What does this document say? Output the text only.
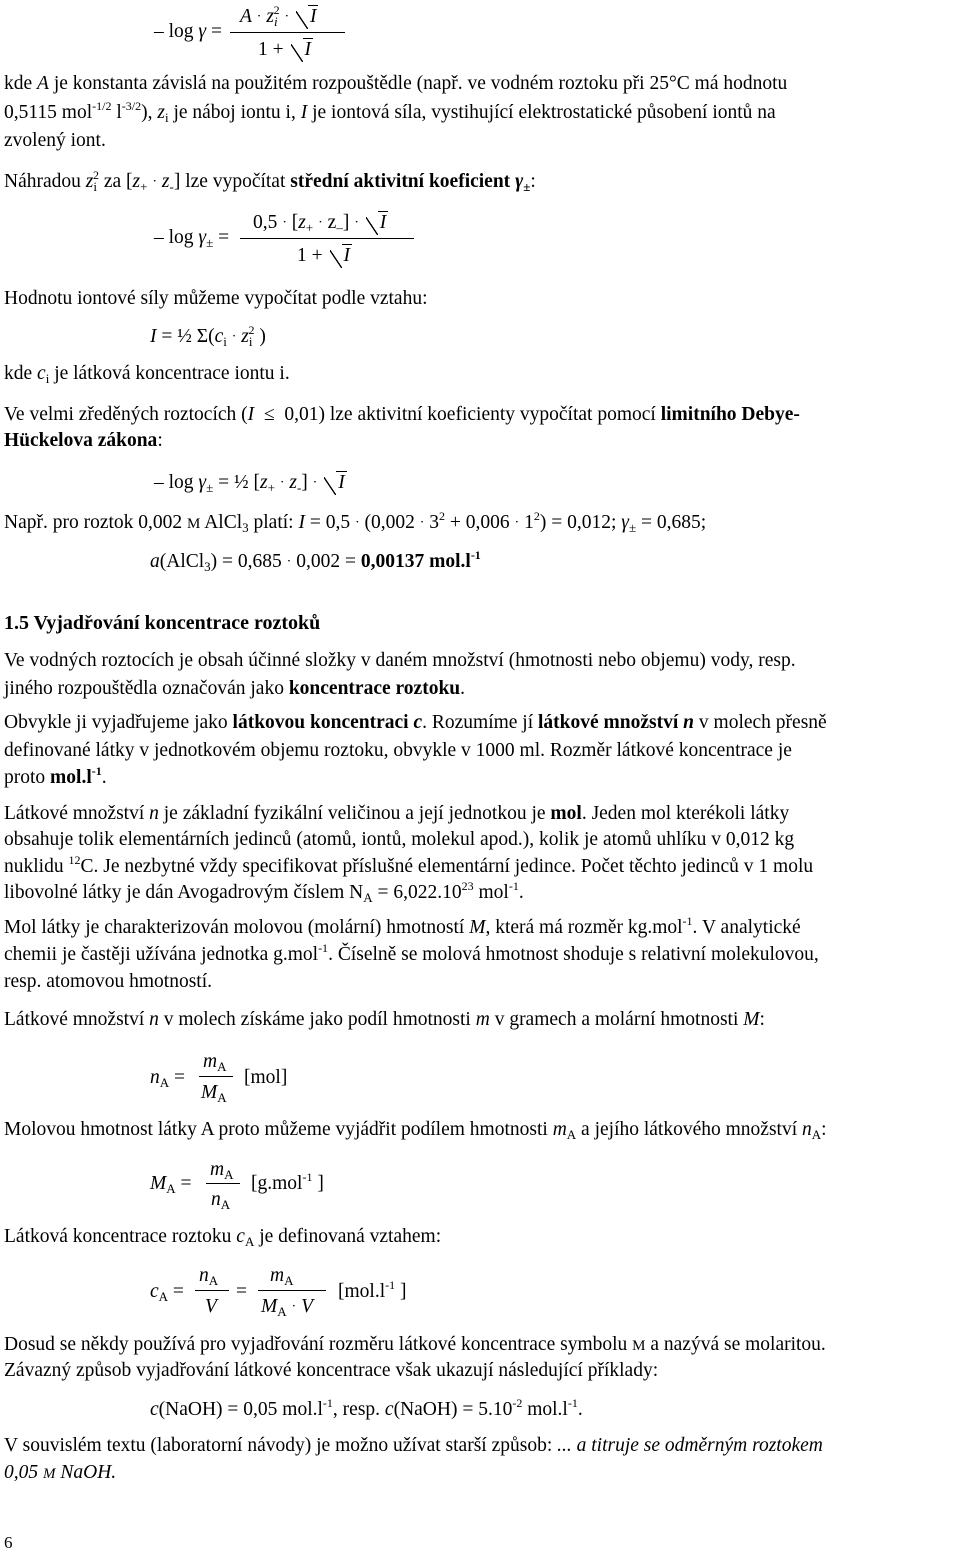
– log γ =
$A \cdot z_i^2 \cdot I$
1 + I
kde A je konstanta závislá na použitém rozpouštědle (např. ve vodném roztoku při 25°C má hodnotu
0,5115 mol$^{-1/2}$ $l^{-3/2}$), $z_i$ je náboj iontu i, I je iontová síla, vystihující elektrostatické působení iontů na
zvolený iont.
Náhradou $z_i^2$ za $[z_+ \cdot z_-]$ lze vypočítat střední aktivitní koeficient $\gamma_\pm$:
– $\log \gamma_\pm$ =
$0,5 \cdot [z_+ \cdot z_-] \cdot I$
1 + I
Hodnotu iontové síly můžeme vypočítat podle vztahu:
I = ½ $\Sigma(c_i \cdot z_i^2$ )
kde $c_i$ je látková koncentrace iontu i.
Ve velmi zředěných roztocích (I  ≤  0,01) lze aktivitní koeficienty vypočítat pomocí limitního Debye-
Hückelova zákona:
– $\log \gamma_\pm$ = ½ $[z_+ \cdot z_-] \cdot I$
Např. pro roztok 0,002 M AlCl$_3$ platí: $I = 0,5 \cdot (0,002 \cdot 3^2 + 0,006 \cdot 1^2) = 0,012$; $\gamma_\pm = 0,685$;
a(AlCl$_3$) = 0,685 · 0,002 = 0,00137 $mol.l^{-1}$
1.5 Vyjadřování koncentrace roztoků
Ve vodných roztocích je obsah účinné složky v daném množství (hmotnosti nebo objemu) vody, resp.
jiného rozpouštědla označován jako koncentrace roztoku.
Obvykle ji vyjadřujeme jako látkovou koncentraci c. Rozumíme jí látkové množství n v molech přesně
definované látky v jednotkovém objemu roztoku, obvykle v 1000 ml. Rozměr látkové koncentrace je
proto $mol.l^{-1}$.
Látkové množství n je základní fyzikální veličinou a její jednotkou je mol. Jeden mol kterékoli látky
obsahuje tolik elementárních jedinců (atomů, iontů, molekul apod.), kolik je atomů uhlíku v 0,012 kg
nuklidu $^{12}$C. Je nezbytné vždy specifikovat příslušné elementární jedince. Počet těchto jedinců v 1 molu
libovolné látky je dán Avogadrovým číslem $N_A = 6,022.10^{23}$ mol$^{-1}$.
Mol látky je charakterizován molovou (molární) hmotností M, která má rozměr kg.mol$^{-1}$. V analytické
chemii je častěji užívána jednotka g.mol$^{-1}$. Číselně se molová hmotnost shoduje s relativní molekulovou,
resp. atomovou hmotností.
Látkové množství n v molech získáme jako podíl hmotnosti m v gramech a molární hmotnosti M:
$n_A$ =
$m_A$
$M_A$
[mol]
Molovou hmotnost látky A proto můžeme vyjádřit podílem hmotnosti $m_A$ a jejího látkového množství $n_A$:
$M_A$ =
$m_A$
$n_A$
[g.mol$^{-1}$ ]
Látková koncentrace roztoku $c_A$ je definovaná vztahem:
$c_A$ =
$n_A$
V
=
$m_A$
$M_A \cdot V$
[$mol.l^{-1}$ ]
Dosud se někdy používá pro vyjadřování rozměru látkové koncentrace symbolu M a nazývá se molaritou.
Závazný způsob vyjadřování látkové koncentrace však ukazují následující příklady:
c(NaOH) = 0,05 $mol.l^{-1}$, resp. c(NaOH) = $5.10^{-2}$ $mol.l^{-1}$.
V souvislém textu (laboratorní návody) je možno užívat starší způsob: ... a titruje se odměrným roztokem
0,05 M NaOH.
6
